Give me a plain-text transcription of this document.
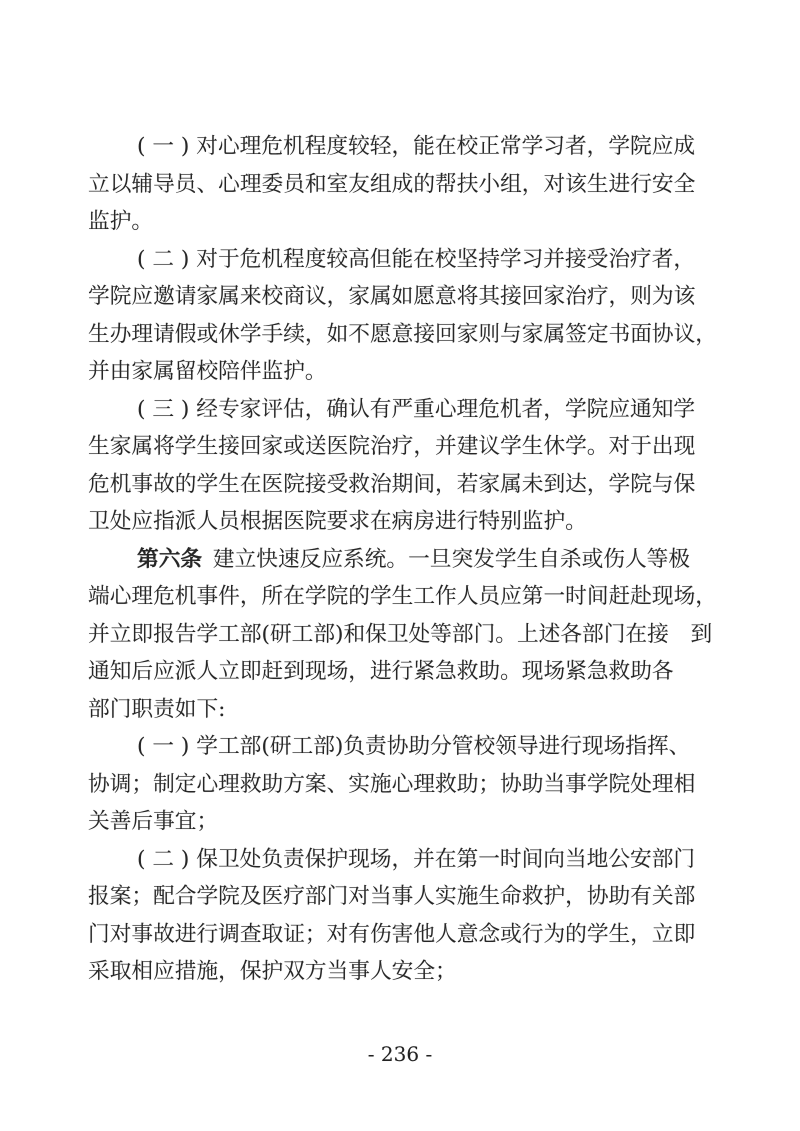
( 一 ) 对心理危机程度较轻，能在校正常学习者，学院应成
立以辅导员、心理委员和室友组成的帮扶小组，对该生进行安全
监护。
( 二 ) 对于危机程度较高但能在校坚持学习并接受治疗者，
学院应邀请家属来校商议，家属如愿意将其接回家治疗，则为该
生办理请假或休学手续，如不愿意接回家则与家属签定书面协议，
并由家属留校陪伴监护。
( 三 ) 经专家评估，确认有严重心理危机者，学院应通知学
生家属将学生接回家或送医院治疗，并建议学生休学。对于出现
危机事故的学生在医院接受救治期间，若家属未到达，学院与保
卫处应指派人员根据医院要求在病房进行特别监护。
第六条 建立快速反应系统。一旦突发学生自杀或伤人等极
端心理危机事件，所在学院的学生工作人员应第一时间赶赴现场，
并立即报告学工部(研工部)和保卫处等部门。上述各部门在接 到
通知后应派人立即赶到现场，进行紧急救助。现场紧急救助各
部门职责如下:
( 一 ) 学工部(研工部)负责协助分管校领导进行现场指挥、
协调；制定心理救助方案、实施心理救助；协助当事学院处理相
关善后事宜；
( 二 ) 保卫处负责保护现场，并在第一时间向当地公安部门
报案；配合学院及医疗部门对当事人实施生命救护，协助有关部
门对事故进行调查取证；对有伤害他人意念或行为的学生，立即
采取相应措施，保护双方当事人安全；
- 236 -
